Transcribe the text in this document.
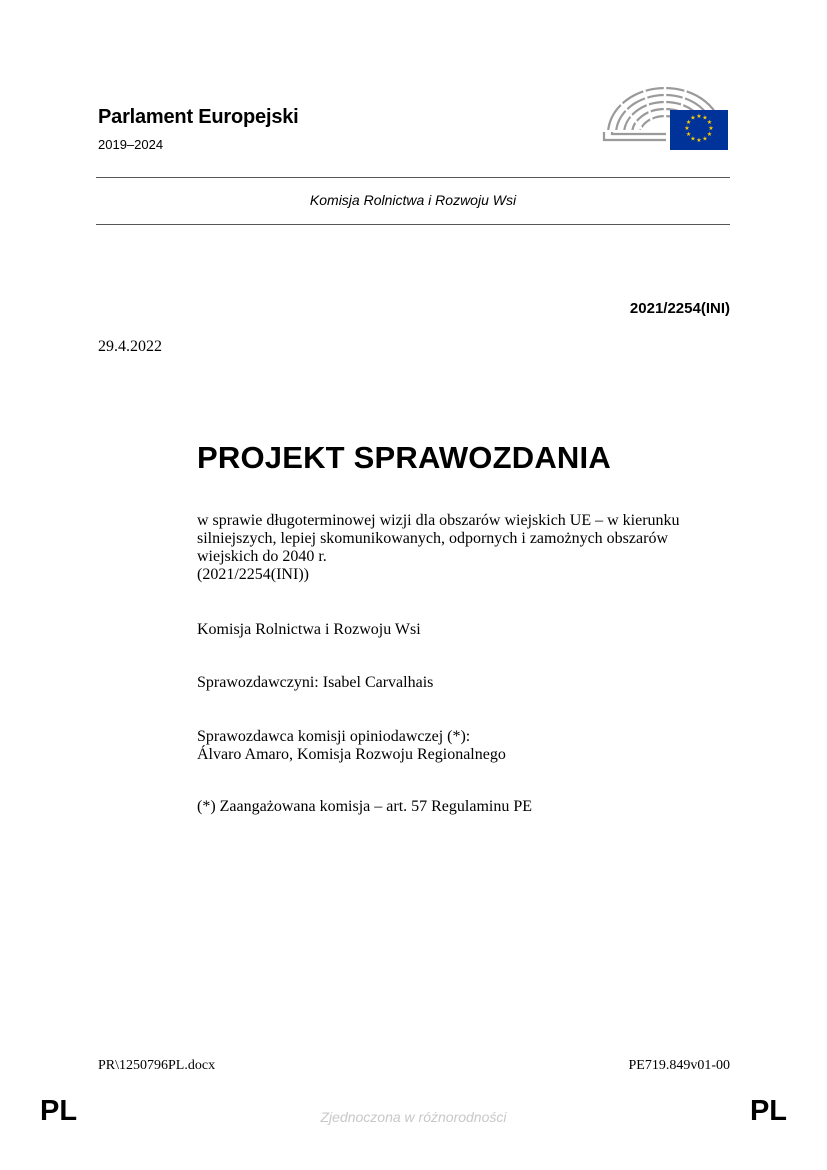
Parlament Europejski
2019–2024
★ ★
★
★
★
★
★
★
★
★
★
★
Komisja Rolnictwa i Rozwoju Wsi
2021/2254(INI)
29.4.2022
PROJEKT SPRAWOZDANIA
w sprawie długoterminowej wizji dla obszarów wiejskich UE – w kierunku silniejszych, lepiej skomunikowanych, odpornych i zamożnych obszarów wiejskich do 2040 r.
(2021/2254(INI))
Komisja Rolnictwa i Rozwoju Wsi
Sprawozdawczyni: Isabel Carvalhais
Sprawozdawca komisji opiniodawczej (*):
Álvaro Amaro, Komisja Rozwoju Regionalnego
(*) Zaangażowana komisja – art. 57 Regulaminu PE
PR\1250796PL.docx	PE719.849v01-00
PL	Zjednoczona w różnorodności	PL
